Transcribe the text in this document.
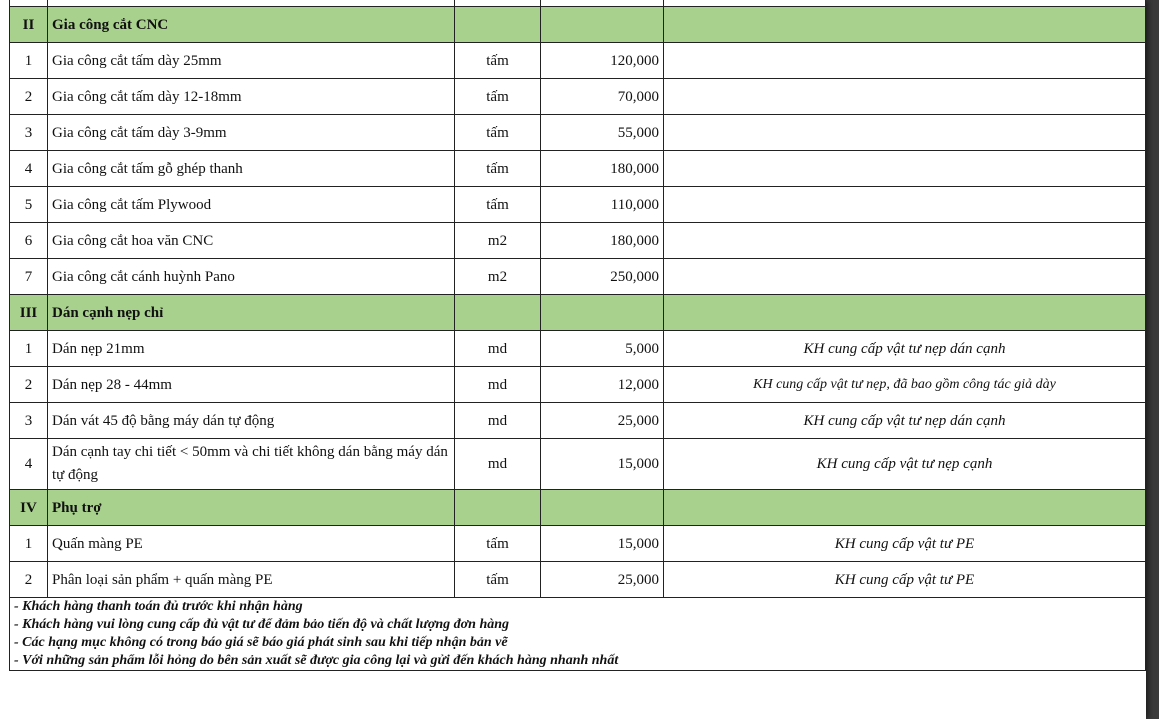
II	Gia công cắt CNC			
1	Gia công cắt tấm dày 25mm	tấm	120,000	
2	Gia công cắt tấm dày 12-18mm	tấm	70,000	
3	Gia công cắt tấm dày 3-9mm	tấm	55,000	
4	Gia công cắt tấm gỗ ghép thanh	tấm	180,000	
5	Gia công cắt tấm Plywood	tấm	110,000	
6	Gia công cắt hoa văn CNC	m2	180,000	
7	Gia công cắt cánh huỳnh Pano	m2	250,000	
III	Dán cạnh nẹp chỉ			
1	Dán nẹp 21mm	md	5,000	KH cung cấp vật tư nẹp dán cạnh
2	Dán nẹp 28 - 44mm	md	12,000	KH cung cấp vật tư nẹp, đã bao gồm công tác giả dày
3	Dán vát 45 độ bằng máy dán tự động	md	25,000	KH cung cấp vật tư nẹp dán cạnh
4	Dán cạnh tay chi tiết < 50mm và chi tiết không dán bằng máy dán tự động	md	15,000	KH cung cấp vật tư nẹp cạnh
IV	Phụ trợ			
1	Quấn màng PE	tấm	15,000	KH cung cấp vật tư PE
2	Phân loại sản phẩm + quấn màng PE	tấm	25,000	KH cung cấp vật tư PE

- Khách hàng thanh toán đủ trước khi nhận hàng
- Khách hàng vui lòng cung cấp đủ vật tư để đảm bảo tiến độ và chất lượng đơn hàng
- Các hạng mục không có trong báo giá sẽ báo giá phát sinh sau khi tiếp nhận bản vẽ
- Với những sản phẩm lỗi hỏng do bên sản xuất sẽ được gia công lại và gửi đến khách hàng nhanh nhất				
